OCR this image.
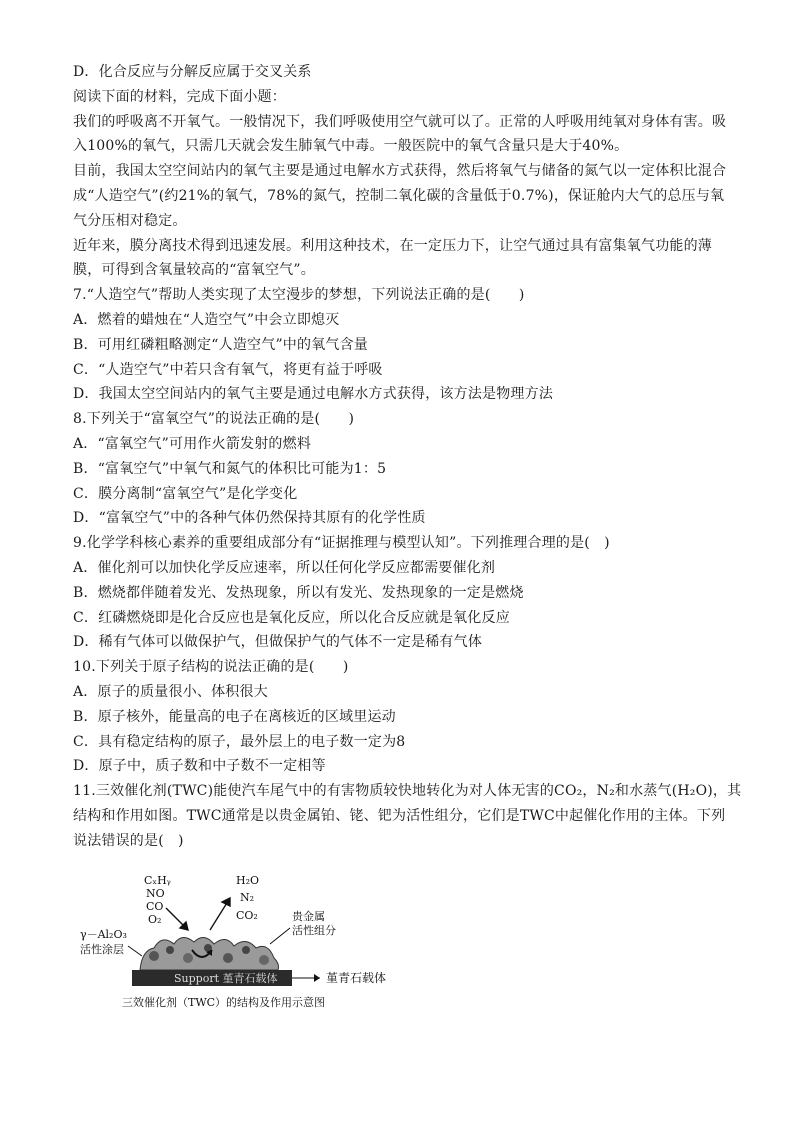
D．化合反应与分解反应属于交叉关系
阅读下面的材料，完成下面小题：
我们的呼吸离不开氧气。一般情况下，我们呼吸使用空气就可以了。正常的人呼吸用纯氧对身体有害。吸
入100%的氧气，只需几天就会发生肺氧气中毒。一般医院中的氧气含量只是大于40%。
目前，我国太空空间站内的氧气主要是通过电解水方式获得，然后将氧气与储备的氮气以一定体积比混合
成“人造空气”(约21%的氧气，78%的氮气，控制二氧化碳的含量低于0.7%)，保证舱内大气的总压与氧
气分压相对稳定。
近年来，膜分离技术得到迅速发展。利用这种技术，在一定压力下，让空气通过具有富集氧气功能的薄
膜，可得到含氧量较高的“富氧空气”。
7.“人造空气”帮助人类实现了太空漫步的梦想，下列说法正确的是(　　)
A．燃着的蜡烛在“人造空气”中会立即熄灭
B．可用红磷粗略测定“人造空气”中的氧气含量
C．“人造空气”中若只含有氧气，将更有益于呼吸
D．我国太空空间站内的氧气主要是通过电解水方式获得，该方法是物理方法
8.下列关于“富氧空气”的说法正确的是(　　)
A．“富氧空气”可用作火箭发射的燃料
B．“富氧空气”中氧气和氮气的体积比可能为1：5
C．膜分离制“富氧空气”是化学变化
D．“富氧空气”中的各种气体仍然保持其原有的化学性质
9.化学学科核心素养的重要组成部分有“证据推理与模型认知”。下列推理合理的是(　)
A．催化剂可以加快化学反应速率，所以任何化学反应都需要催化剂
B．燃烧都伴随着发光、发热现象，所以有发光、发热现象的一定是燃烧
C．红磷燃烧即是化合反应也是氧化反应，所以化合反应就是氧化反应
D．稀有气体可以做保护气，但做保护气的气体不一定是稀有气体
10.下列关于原子结构的说法正确的是(　　)
A．原子的质量很小、体积很大
B．原子核外，能量高的电子在离核近的区域里运动
C．具有稳定结构的原子，最外层上的电子数一定为8
D．原子中，质子数和中子数不一定相等
11.三效催化剂(TWC)能使汽车尾气中的有害物质较快地转化为对人体无害的CO₂，N₂和水蒸气(H₂O)，其
结构和作用如图。TWC通常是以贵金属铂、铑、钯为活性组分，它们是TWC中起催化作用的主体。下列
说法错误的是(　)
CₓHᵧ
NO
CO
O₂
H₂O
N₂
CO₂
Support 堇青石载体
γ－Al₂O₃
活性涂层
贵金属
活性组分
堇青石载体
三效催化剂（TWC）的结构及作用示意图
